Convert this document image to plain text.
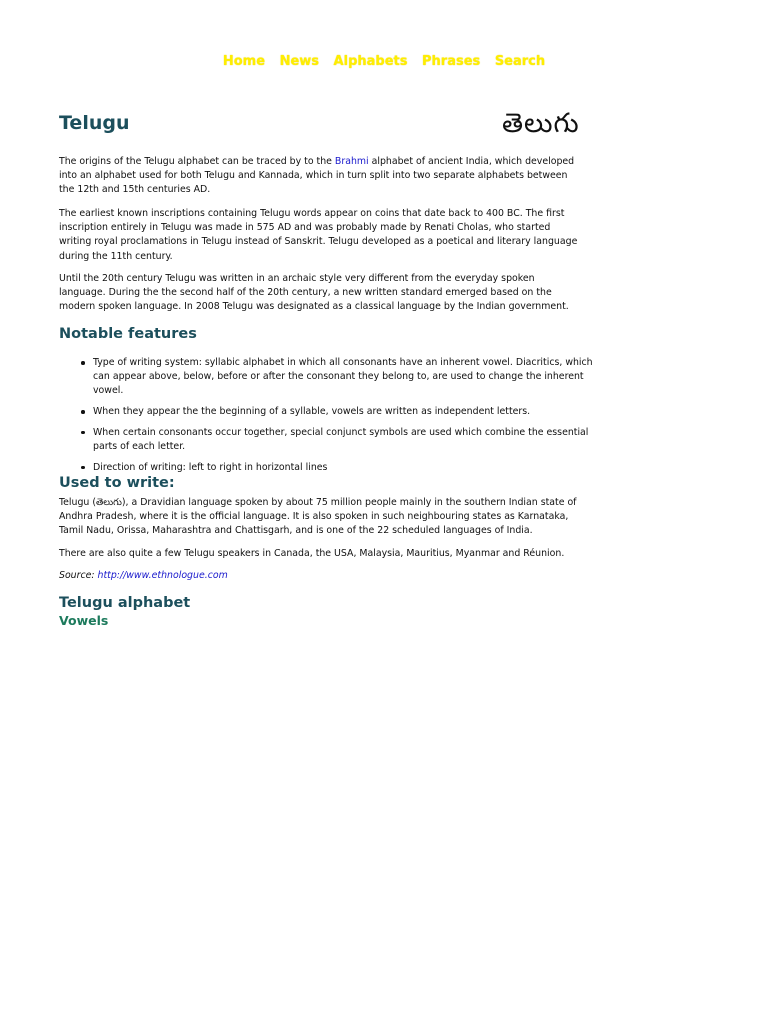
Home News Alphabets Phrases Search
Telugu	తెలుగు

The origins of the Telugu alphabet can be traced by to the Brahmi alphabet of ancient India, which developed into an alphabet used for both Telugu and Kannada, which in turn split into two separate alphabets between the 12th and 15th centuries AD.

The earliest known inscriptions containing Telugu words appear on coins that date back to 400 BC. The first inscription entirely in Telugu was made in 575 AD and was probably made by Renati Cholas, who started writing royal proclamations in Telugu instead of Sanskrit. Telugu developed as a poetical and literary language during the 11th century.

Until the 20th century Telugu was written in an archaic style very different from the everyday spoken language. During the the second half of the 20th century, a new written standard emerged based on the modern spoken language. In 2008 Telugu was designated as a classical language by the Indian government.

Notable features
Type of writing system: syllabic alphabet in which all consonants have an inherent vowel. Diacritics, which can appear above, below, before or after the consonant they belong to, are used to change the inherent vowel.
When they appear the the beginning of a syllable, vowels are written as independent letters.
When certain consonants occur together, special conjunct symbols are used which combine the essential parts of each letter.
Direction of writing: left to right in horizontal lines
Used to write:

Telugu (తెలుగు), a Dravidian language spoken by about 75 million people mainly in the southern Indian state of Andhra Pradesh, where it is the official language. It is also spoken in such neighbouring states as Karnataka, Tamil Nadu, Orissa, Maharashtra and Chattisgarh, and is one of the 22 scheduled languages of India.

There are also quite a few Telugu speakers in Canada, the USA, Malaysia, Mauritius, Myanmar and Réunion.

Source: http://www.ethnologue.com
Telugu alphabet
Vowels
